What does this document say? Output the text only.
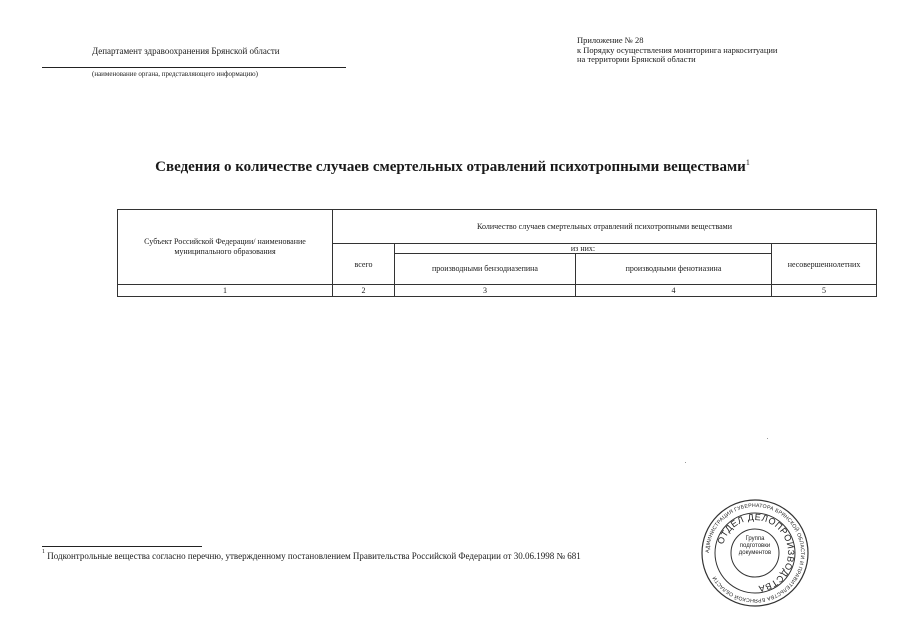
Департамент здравоохранения Брянской области
(наименование органа, представляющего информацию)
Приложение № 28
к Порядку осуществления мониторинга наркоситуации
на территории Брянской области
Сведения о количестве случаев смертельных отравлений психотропными веществами$^1$
Субъект Российской Федерации/ наименование муниципального образования	Количество случаев смертельных отравлений психотропными веществами			
	всего	из них:		несовершеннолетних
		производными бензодиазепина	производными фенотиазина	
1	2	3	4	5
$^1$ Подконтрольные вещества согласно перечню, утвержденному постановлением Правительства Российской Федерации от 30.06.1998 № 681	АДМИНИСТРАЦИЯ ГУБЕРНАТОРА БРЯНСКОЙ ОБЛАСТИ И ПРАВИТЕЛЬСТВА БРЯНСКОЙ ОБЛАСТИ
ОТДЕЛ ДЕЛОПРОИЗВОДСТВА
Группа
подготовки
документов
